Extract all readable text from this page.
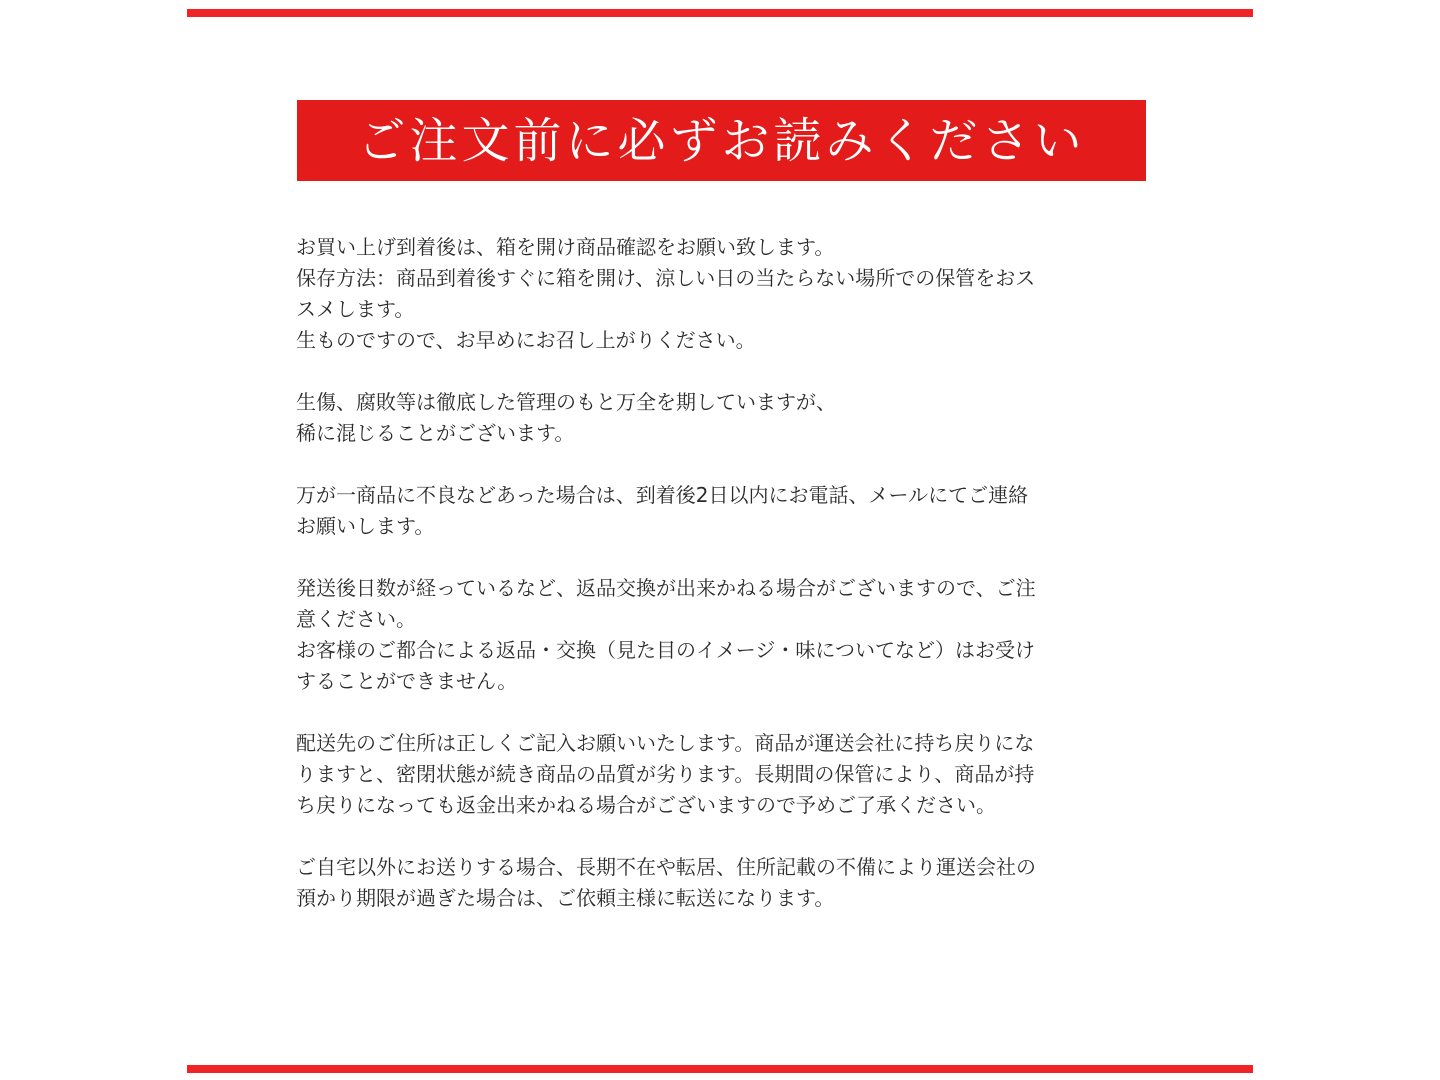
ご注文前に必ずお読みください
お買い上げ到着後は、箱を開け商品確認をお願い致します。
保存方法：商品到着後すぐに箱を開け、涼しい日の当たらない場所での保管をおス
スメします。
生ものですので、お早めにお召し上がりください。
生傷、腐敗等は徹底した管理のもと万全を期していますが、
稀に混じることがございます。
万が一商品に不良などあった場合は、到着後2日以内にお電話、メールにてご連絡
お願いします。
発送後日数が経っているなど、返品交換が出来かねる場合がございますので、ご注
意ください。
お客様のご都合による返品・交換（見た目のイメージ・味についてなど）はお受け
することができません。
配送先のご住所は正しくご記入お願いいたします。商品が運送会社に持ち戻りにな
りますと、密閉状態が続き商品の品質が劣ります。長期間の保管により、商品が持
ち戻りになっても返金出来かねる場合がございますので予めご了承ください。
ご自宅以外にお送りする場合、長期不在や転居、住所記載の不備により運送会社の
預かり期限が過ぎた場合は、ご依頼主様に転送になります。
